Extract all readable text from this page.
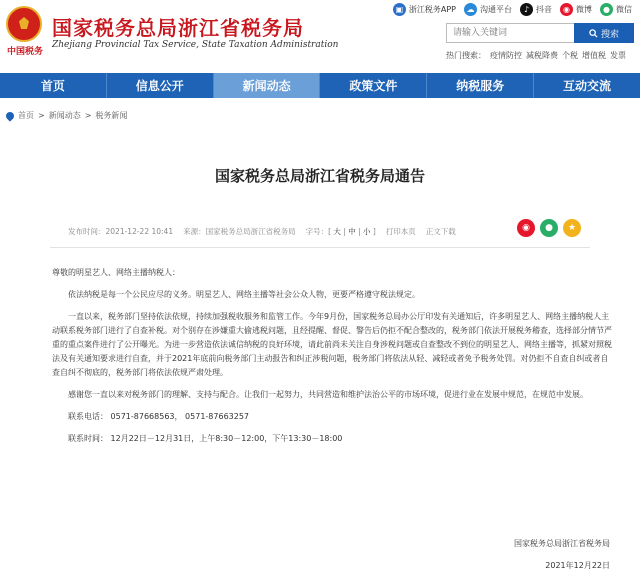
中国税务
国家税务总局浙江省税务局
Zhejiang Provincial Tax Service, State Taxation Administration
▣ 浙江税务APP	☁ 沟通平台	♪ 抖音	◉ 微博	● 微信
请输入关键词
搜索
热门搜索： 疫情防控 减税降费 个税 增值税 发票
首页	信息公开	新闻动态	政策文件	纳税服务	互动交流
首页 > 新闻动态 > 税务新闻
国家税务总局浙江省税务局通告
发布时间：2021-12-22 10:41 来源：国家税务总局浙江省税务局 字号：[ 大 | 中 | 小 ] 打印本页 正文下载	◉	●	★

尊敬的明星艺人、网络主播纳税人：

依法纳税是每一个公民应尽的义务。明星艺人、网络主播等社会公众人物，更要严格遵守税法规定。

一直以来，税务部门坚持依法依规，持续加强税收服务和监管工作。今年9月份，国家税务总局办公厅印发有关通知后，许多明星艺人、网络主播纳税人主动联系税务部门进行了自查补税。对个别存在涉嫌重大偷逃税问题，且经提醒、督促、警告后仍拒不配合整改的，税务部门依法开展税务稽查，选择部分情节严重的重点案件进行了公开曝光。为进一步营造依法诚信纳税的良好环境，请此前尚未关注自身涉税问题或自查整改不到位的明星艺人、网络主播等，抓紧对照税法及有关通知要求进行自查，并于2021年底前向税务部门主动报告和纠正涉税问题，税务部门将依法从轻、减轻或者免予税务处罚。对仍拒不自查自纠或者自查自纠不彻底的，税务部门将依法依规严肃处理。

感谢您一直以来对税务部门的理解、支持与配合。让我们一起努力，共同营造和维护法治公平的市场环境，促进行业在发展中规范，在规范中发展。

联系电话： 0571-87668563， 0571-87663257

联系时间： 12月22日－12月31日，上午8:30－12:00，下午13:30－18:00

国家税务总局浙江省税务局
2021年12月22日
